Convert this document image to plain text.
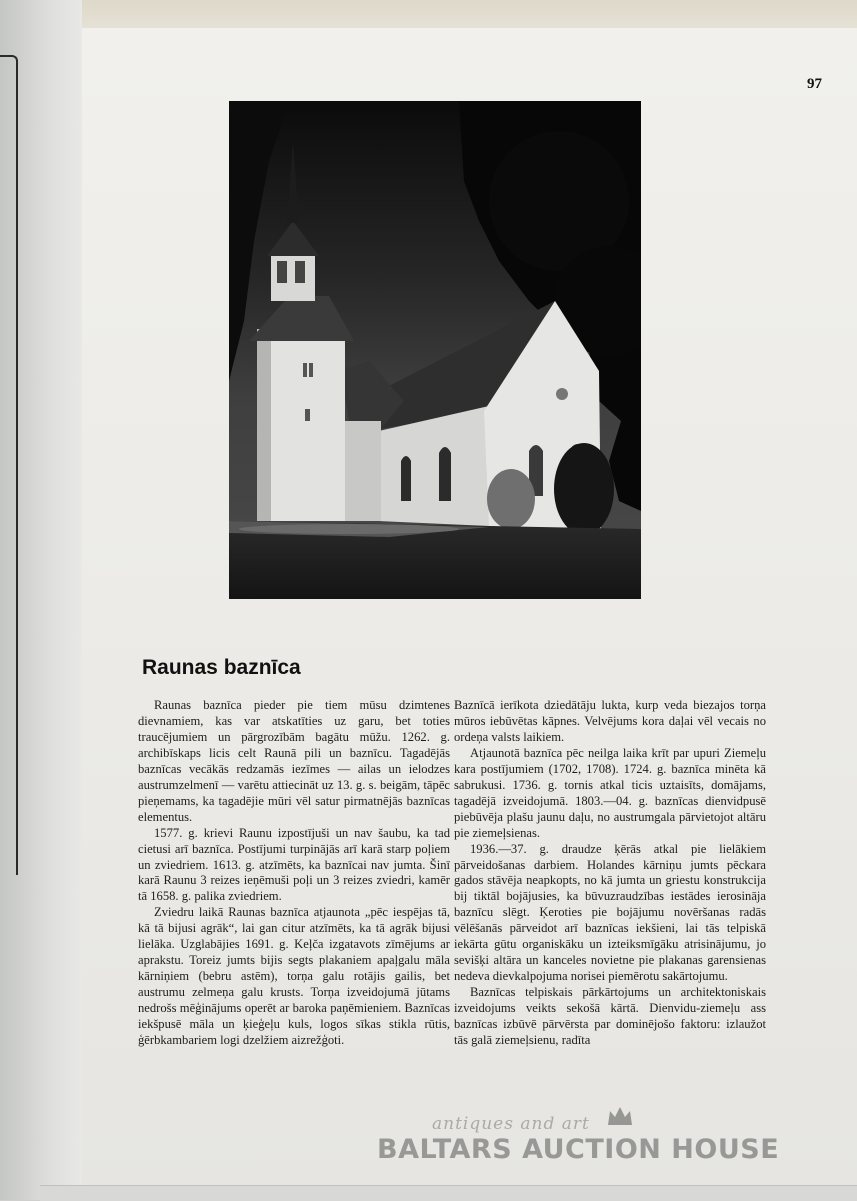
97
Raunas baznīca

Raunas baznīca pieder pie tiem mūsu dzimtenes dievnamiem, kas var atskatīties uz garu, bet toties traucējumiem un pārgrozībām bagātu mūžu. 1262. g. archibīskaps licis celt Raunā pili un baznīcu. Tagadējās baznīcas vecākās redzamās iezīmes — ailas un ielodzes austrumzelmenī — varētu attiecināt uz 13. g. s. beigām, tāpēc pieņemams, ka tagadējie mūri vēl satur pirmatnējās baznīcas elementus.

1577. g. krievi Raunu izpostījuši un nav šaubu, ka tad cietusi arī baznīca. Postījumi turpinājās arī karā starp poļiem un zviedriem. 1613. g. atzīmēts, ka baznīcai nav jumta. Šinī karā Raunu 3 reizes ieņēmuši poļi un 3 reizes zviedri, kamēr tā 1658. g. palika zviedriem.

Zviedru laikā Raunas baznīca atjaunota „pēc iespējas tā, kā tā bijusi agrāk“, lai gan citur atzīmēts, ka tā agrāk bijusi lielāka. Uzglabājies 1691. g. Keļča izgatavots zīmējums ar aprakstu. Toreiz jumts bijis segts plakaniem apaļgalu māla kārniņiem (bebru astēm), torņa galu rotājis gailis, bet austrumu zelmeņa galu krusts. Torņa izveidojumā jūtams nedrošs mēģinājums operēt ar baroka paņēmieniem. Baznīcas iekšpusē māla un ķieģeļu kuls, logos sīkas stikla rūtis, ģērbkambariem logi dzelžiem aizrežģoti.

Baznīcā ierīkota dziedātāju lukta, kurp veda biezajos torņa mūros iebūvētas kāpnes. Velvējums kora daļai vēl vecais no ordeņa valsts laikiem.

Atjaunotā baznīca pēc neilga laika krīt par upuri Ziemeļu kara postījumiem (1702, 1708). 1724. g. baznīca minēta kā sabrukusi. 1736. g. tornis atkal ticis uztaisīts, domājams, tagadējā izveidojumā. 1803.—04. g. baznīcas dienvidpusē piebūvēja plašu jaunu daļu, no austrumgala pārvietojot altāru pie ziemeļsienas.

1936.—37. g. draudze ķērās atkal pie lielākiem pārveidošanas darbiem. Holandes kārniņu jumts pēckara gados stāvēja neapkopts, no kā jumta un griestu konstrukcija bij tiktāl bojājusies, ka būvuzraudzības iestādes ierosināja baznīcu slēgt. Ķeroties pie bojājumu novēršanas radās vēlēšanās pārveidot arī baznīcas iekšieni, lai tās telpiskā iekārta gūtu organiskāku un izteiksmīgāku atrisinājumu, jo sevišķi altāra un kanceles novietne pie plakanas garensienas nedeva dievkalpojuma norisei piemērotu sakārtojumu.

Baznīcas telpiskais pārkārtojums un architektoniskais izveidojums veikts sekošā kārtā. Dienvidu-ziemeļu ass baznīcas izbūvē pārvērsta par dominējošo faktoru: izlaužot tās galā ziemeļsienu, radīta

antiques and art
BALTARS AUCTION HOUSE
